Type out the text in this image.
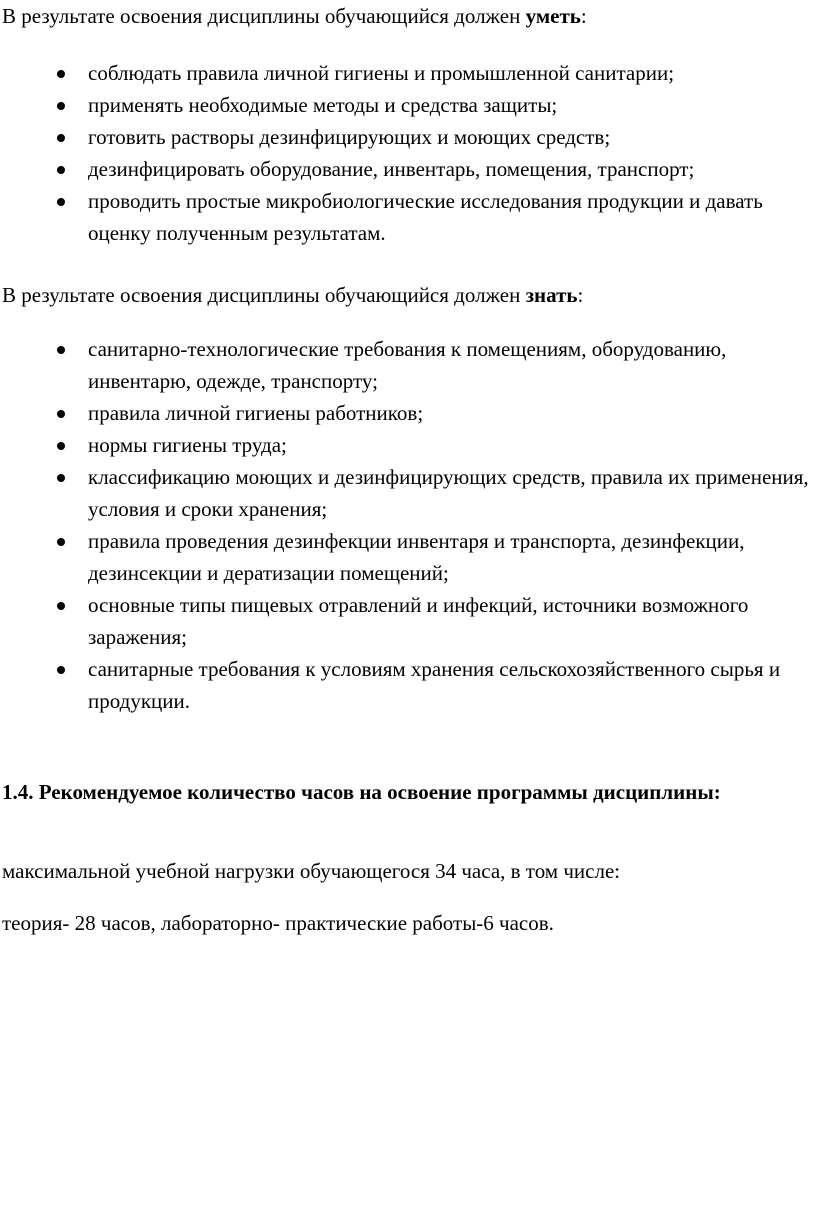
В результате освоения дисциплины обучающийся должен уметь:

соблюдать правила личной гигиены и промышленной санитарии;
применять необходимые методы и средства защиты;
готовить растворы дезинфицирующих и моющих средств;
дезинфицировать оборудование, инвентарь, помещения, транспорт;
проводить простые микробиологические исследования продукции и давать оценку полученным результатам.

В результате освоения дисциплины обучающийся должен знать:

санитарно-технологические требования к помещениям, оборудованию, инвентарю, одежде, транспорту;
правила личной гигиены работников;
нормы гигиены труда;
классификацию моющих и дезинфицирующих средств, правила их применения, условия и сроки хранения;
правила проведения дезинфекции инвентаря и транспорта, дезинфекции, дезинсекции и дератизации помещений;
основные типы пищевых отравлений и инфекций, источники возможного заражения;
санитарные требования к условиям хранения сельскохозяйственного сырья и продукции.

1.4. Рекомендуемое количество часов на освоение программы дисциплины:

максимальной учебной нагрузки обучающегося 34 часа, в том числе:

теория- 28 часов, лабораторно- практические работы-6 часов.
